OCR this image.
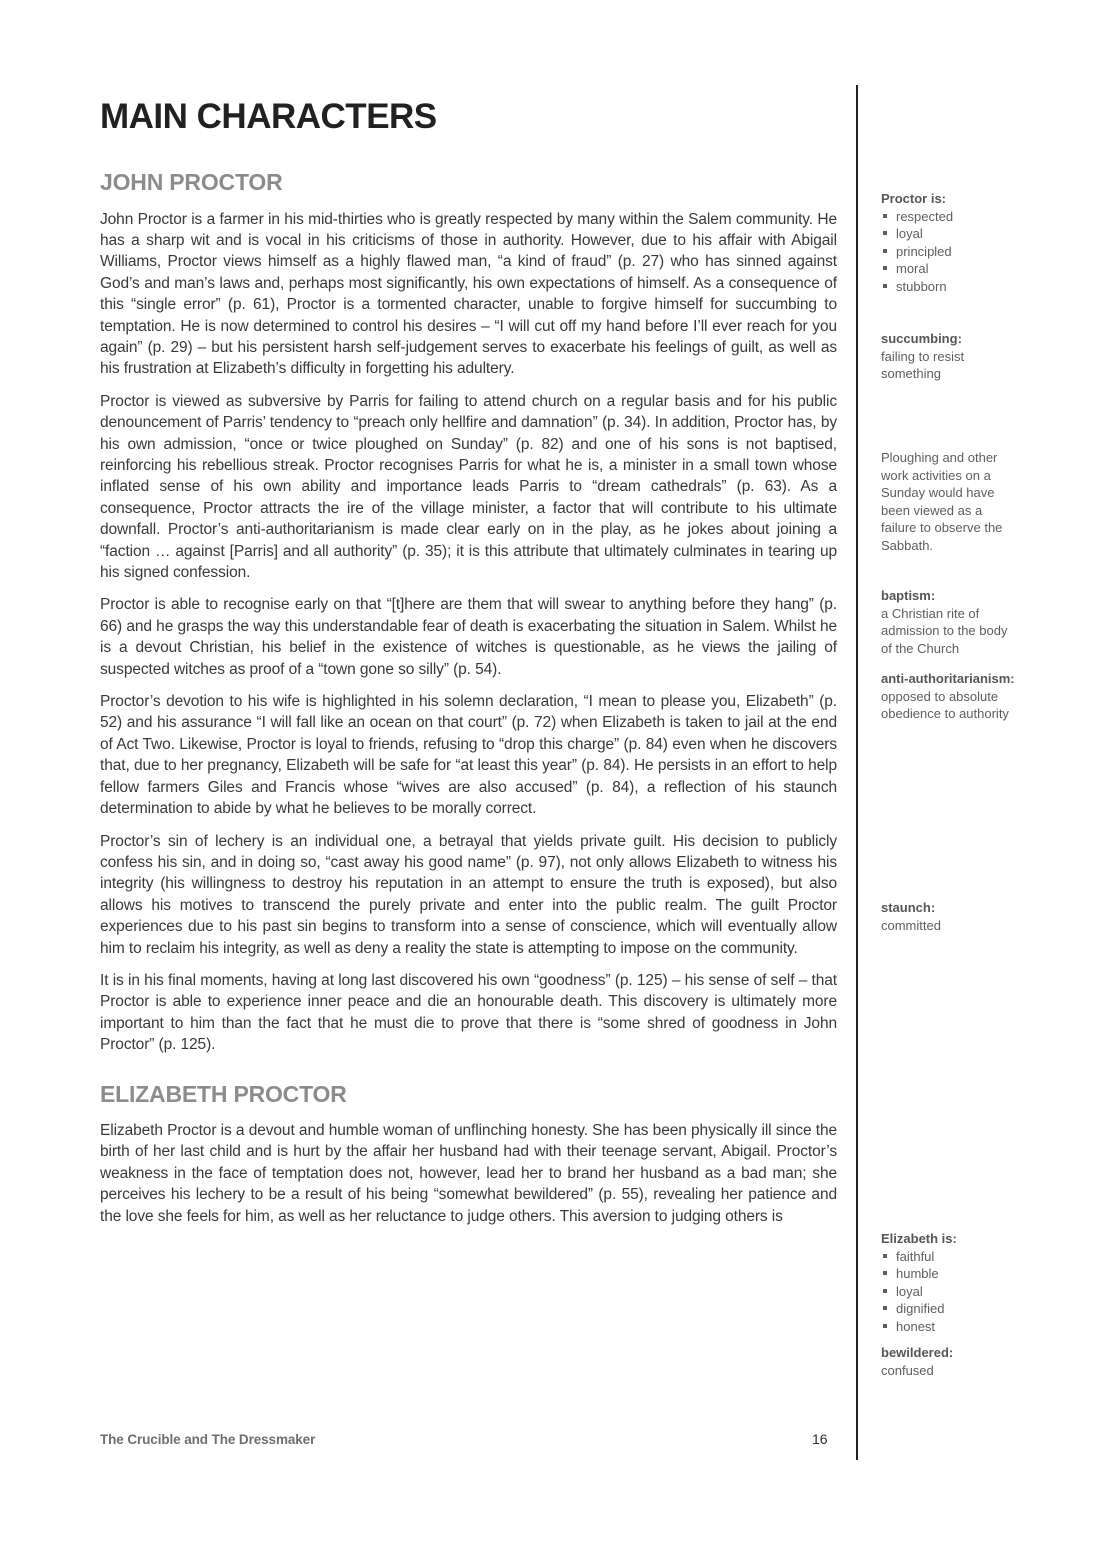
MAIN CHARACTERS
JOHN PROCTOR

John Proctor is a farmer in his mid-thirties who is greatly respected by many within the Salem community. He has a sharp wit and is vocal in his criticisms of those in authority. However, due to his affair with Abigail Williams, Proctor views himself as a highly flawed man, “a kind of fraud” (p. 27) who has sinned against God’s and man’s laws and, perhaps most significantly, his own expectations of himself. As a consequence of this “single error” (p. 61), Proctor is a tormented character, unable to forgive himself for succumbing to temptation. He is now determined to control his desires – “I will cut off my hand before I’ll ever reach for you again” (p. 29) – but his persistent harsh self-judgement serves to exacerbate his feelings of guilt, as well as his frustration at Elizabeth’s difficulty in forgetting his adultery.

Proctor is viewed as subversive by Parris for failing to attend church on a regular basis and for his public denouncement of Parris’ tendency to “preach only hellfire and damnation” (p. 34). In addition, Proctor has, by his own admission, “once or twice ploughed on Sunday” (p. 82) and one of his sons is not baptised, reinforcing his rebellious streak. Proctor recognises Parris for what he is, a minister in a small town whose inflated sense of his own ability and importance leads Parris to “dream cathedrals” (p. 63). As a consequence, Proctor attracts the ire of the village minister, a factor that will contribute to his ultimate downfall. Proctor’s anti-authoritarianism is made clear early on in the play, as he jokes about joining a “faction … against [Parris] and all authority” (p. 35); it is this attribute that ultimately culminates in tearing up his signed confession.

Proctor is able to recognise early on that “[t]here are them that will swear to anything before they hang” (p. 66) and he grasps the way this understandable fear of death is exacerbating the situation in Salem. Whilst he is a devout Christian, his belief in the existence of witches is questionable, as he views the jailing of suspected witches as proof of a “town gone so silly” (p. 54).

Proctor’s devotion to his wife is highlighted in his solemn declaration, “I mean to please you, Elizabeth” (p. 52) and his assurance “I will fall like an ocean on that court” (p. 72) when Elizabeth is taken to jail at the end of Act Two. Likewise, Proctor is loyal to friends, refusing to “drop this charge” (p. 84) even when he discovers that, due to her pregnancy, Elizabeth will be safe for “at least this year” (p. 84). He persists in an effort to help fellow farmers Giles and Francis whose “wives are also accused” (p. 84), a reflection of his staunch determination to abide by what he believes to be morally correct.

Proctor’s sin of lechery is an individual one, a betrayal that yields private guilt. His decision to publicly confess his sin, and in doing so, “cast away his good name” (p. 97), not only allows Elizabeth to witness his integrity (his willingness to destroy his reputation in an attempt to ensure the truth is exposed), but also allows his motives to transcend the purely private and enter into the public realm. The guilt Proctor experiences due to his past sin begins to transform into a sense of conscience, which will eventually allow him to reclaim his integrity, as well as deny a reality the state is attempting to impose on the community.

It is in his final moments, having at long last discovered his own “goodness” (p. 125) – his sense of self – that Proctor is able to experience inner peace and die an honourable death. This discovery is ultimately more important to him than the fact that he must die to prove that there is “some shred of goodness in John Proctor” (p. 125).

ELIZABETH PROCTOR

Elizabeth Proctor is a devout and humble woman of unflinching honesty. She has been physically ill since the birth of her last child and is hurt by the affair her husband had with their teenage servant, Abigail. Proctor’s weakness in the face of temptation does not, however, lead her to brand her husband as a bad man; she perceives his lechery to be a result of his being “somewhat bewildered” (p. 55), revealing her patience and the love she feels for him, as well as her reluctance to judge others. This aversion to judging others is

Proctor is:
respected
loyal
principled
moral
stubborn
succumbing:
failing to resist something
Ploughing and other work activities on a Sunday would have been viewed as a failure to observe the Sabbath.
baptism:
a Christian rite of admission to the body of the Church
anti-authoritarianism:
opposed to absolute obedience to authority
staunch:
committed
Elizabeth is:
faithful
humble
loyal
dignified
honest
bewildered:
confused
The Crucible and The Dressmaker	16
